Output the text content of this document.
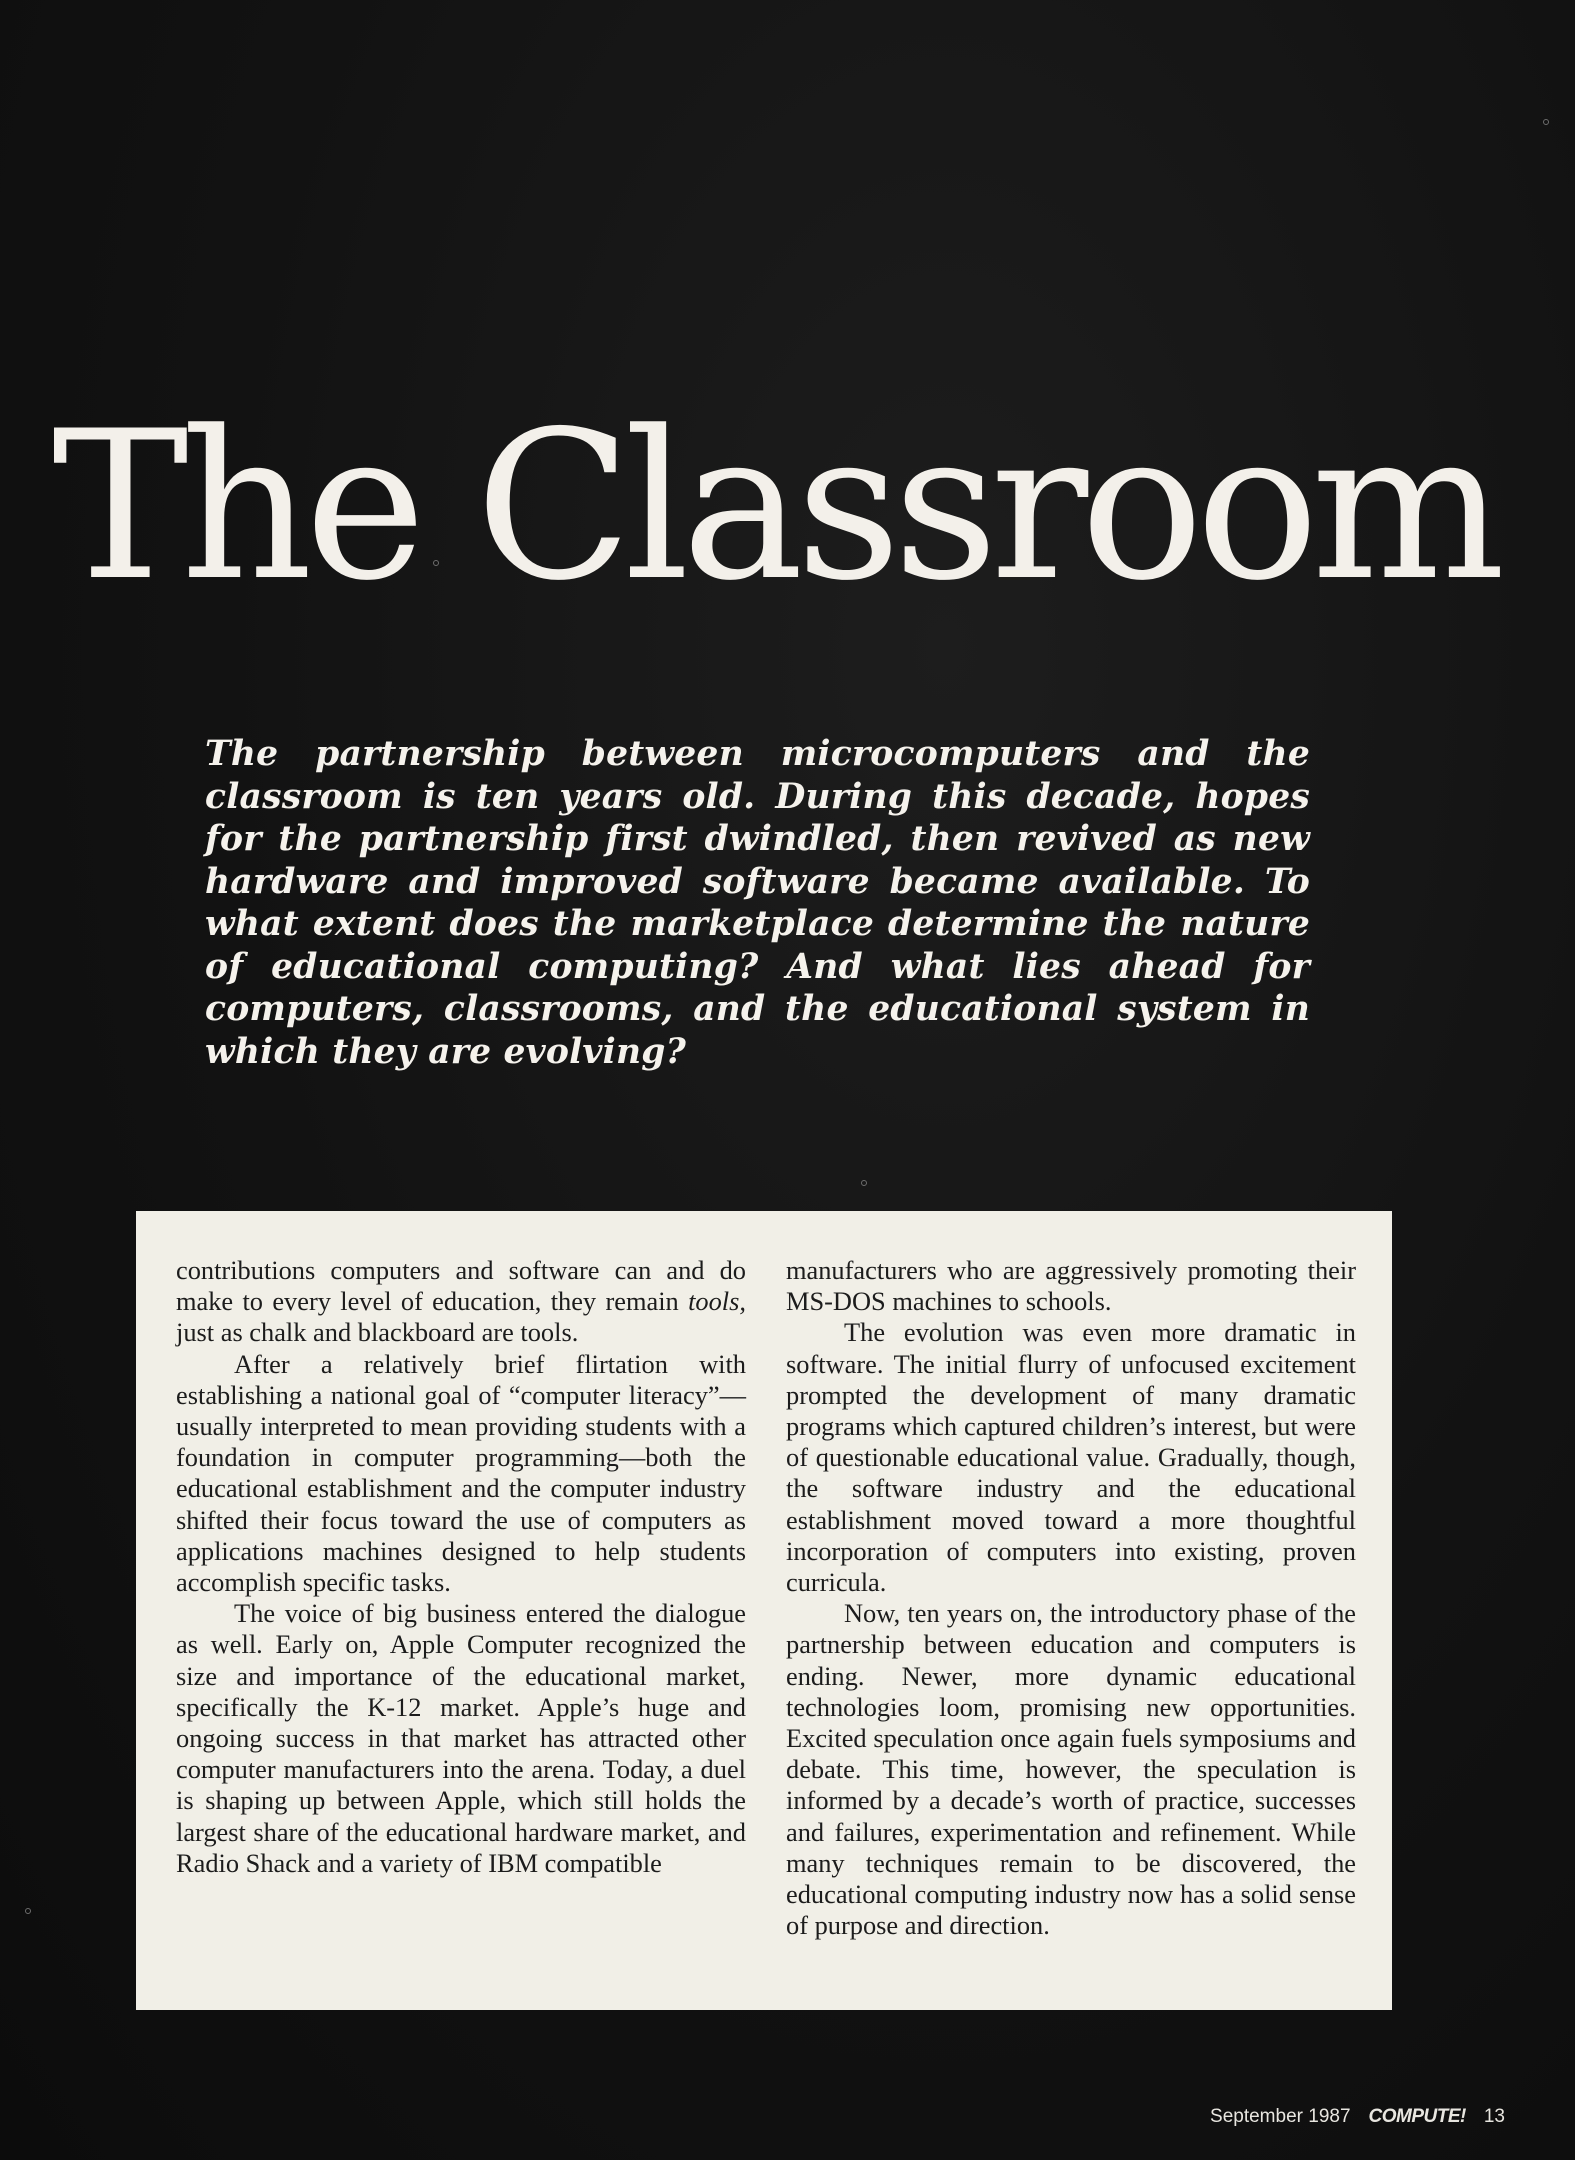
The Classroom

The partnership between microcomputers and the classroom is ten years old. During this decade, hopes for the partnership first dwindled, then revived as new hardware and improved software became available. To what extent does the marketplace determine the nature of educational computing? And what lies ahead for computers, classrooms, and the educational system in which they are evolving?

contributions computers and software can and do make to every level of education, they remain tools, just as chalk and blackboard are tools.

After a relatively brief flirtation with establishing a national goal of “computer literacy”—usually interpreted to mean providing students with a foundation in computer programming—both the educational establishment and the computer industry shifted their focus toward the use of computers as applications machines designed to help students accomplish specific tasks.

The voice of big business entered the dialogue as well. Early on, Apple Computer recognized the size and importance of the educational market, specifically the K-12 market. Apple’s huge and ongoing success in that market has attracted other computer manufacturers into the arena. Today, a duel is shaping up between Apple, which still holds the largest share of the educational hardware market, and Radio Shack and a variety of IBM compatible

manufacturers who are aggressively promoting their MS-DOS machines to schools.

The evolution was even more dramatic in software. The initial flurry of unfocused excitement prompted the development of many dramatic programs which captured children’s interest, but were of questionable educational value. Gradually, though, the software industry and the educational establishment moved toward a more thoughtful incorporation of computers into existing, proven curricula.

Now, ten years on, the introductory phase of the partnership between education and computers is ending. Newer, more dynamic educational technologies loom, promising new opportunities. Excited speculation once again fuels symposiums and debate. This time, however, the speculation is informed by a decade’s worth of practice, successes and failures, experimentation and refinement. While many techniques remain to be discovered, the educational computing industry now has a solid sense of purpose and direction.

September 1987 COMPUTE! 13
